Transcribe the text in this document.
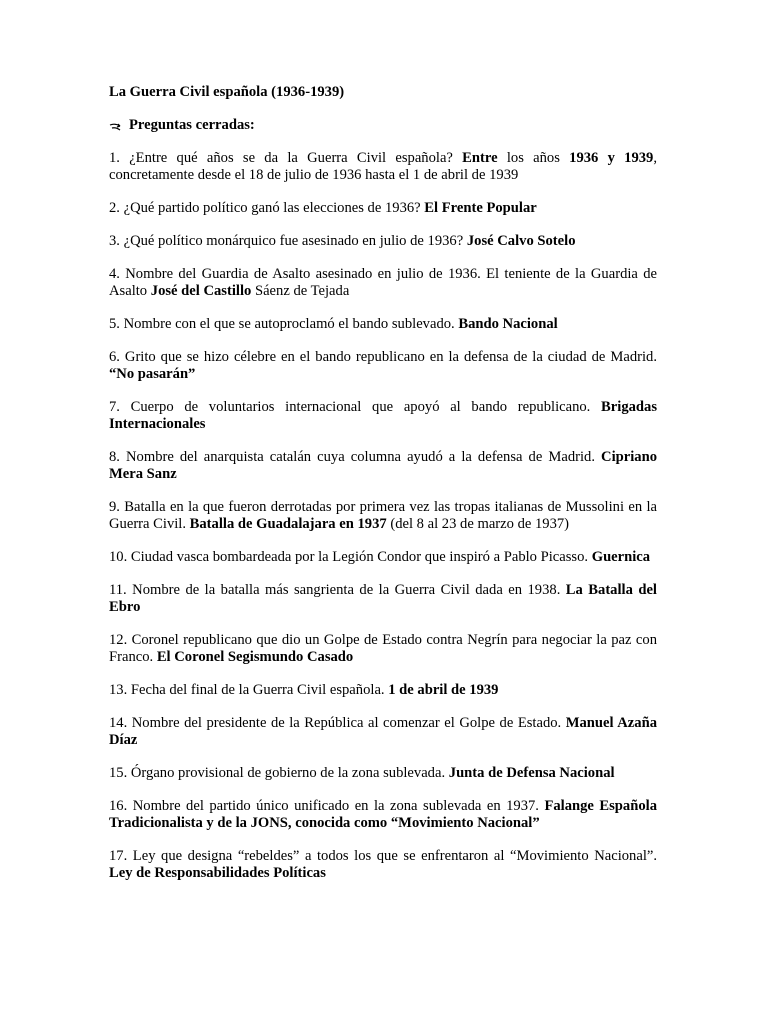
La Guerra Civil española (1936-1939)
Preguntas cerradas:
1. ¿Entre qué años se da la Guerra Civil española? Entre los años 1936 y 1939, concretamente desde el 18 de julio de 1936 hasta el 1 de abril de 1939
2. ¿Qué partido político ganó las elecciones de 1936? El Frente Popular
3. ¿Qué político monárquico fue asesinado en julio de 1936? José Calvo Sotelo
4. Nombre del Guardia de Asalto asesinado en julio de 1936. El teniente de la Guardia de Asalto José del Castillo Sáenz de Tejada
5. Nombre con el que se autoproclamó el bando sublevado. Bando Nacional
6. Grito que se hizo célebre en el bando republicano en la defensa de la ciudad de Madrid. “No pasarán”
7. Cuerpo de voluntarios internacional que apoyó al bando republicano. Brigadas Internacionales
8. Nombre del anarquista catalán cuya columna ayudó a la defensa de Madrid. Cipriano Mera Sanz
9. Batalla en la que fueron derrotadas por primera vez las tropas italianas de Mussolini en la Guerra Civil. Batalla de Guadalajara en 1937 (del 8 al 23 de marzo de 1937)
10. Ciudad vasca bombardeada por la Legión Condor que inspiró a Pablo Picasso. Guernica
11. Nombre de la batalla más sangrienta de la Guerra Civil dada en 1938. La Batalla del Ebro
12. Coronel republicano que dio un Golpe de Estado contra Negrín para negociar la paz con Franco. El Coronel Segismundo Casado
13. Fecha del final de la Guerra Civil española. 1 de abril de 1939
14. Nombre del presidente de la República al comenzar el Golpe de Estado. Manuel Azaña Díaz
15. Órgano provisional de gobierno de la zona sublevada. Junta de Defensa Nacional
16. Nombre del partido único unificado en la zona sublevada en 1937. Falange Española Tradicionalista y de la JONS, conocida como “Movimiento Nacional”
17. Ley que designa “rebeldes” a todos los que se enfrentaron al “Movimiento Nacional”. Ley de Responsabilidades Políticas
